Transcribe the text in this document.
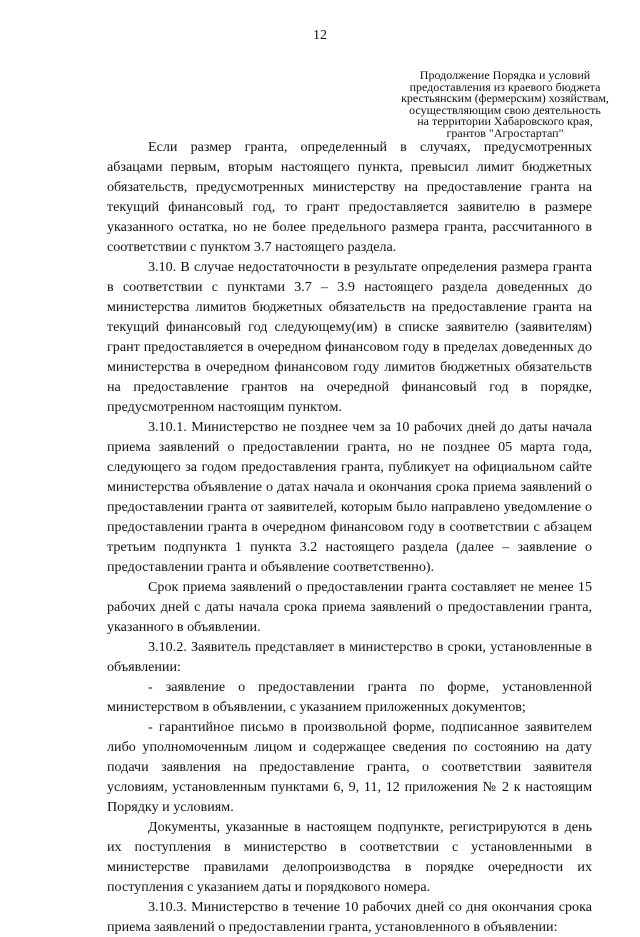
12
Продолжение Порядка и условий
предоставления из краевого бюджета
крестьянским (фермерским) хозяйствам,
осуществляющим свою деятельность
на территории Хабаровского края,
грантов "Агростартап"

Если размер гранта, определенный в случаях, предусмотренных абзацами первым, вторым настоящего пункта, превысил лимит бюджетных обязательств, предусмотренных министерству на предоставление гранта на текущий финансовый год, то грант предоставляется заявителю в размере указанного остатка, но не более предельного размера гранта, рассчитанного в соответствии с пунктом 3.7 настоящего раздела.

3.10. В случае недостаточности в результате определения размера гранта в соответствии с пунктами 3.7 – 3.9 настоящего раздела доведенных до министерства лимитов бюджетных обязательств на предоставление гранта на текущий финансовый год следующему(им) в списке заявителю (заявителям) грант предоставляется в очередном финансовом году в пределах доведенных до министерства в очередном финансовом году лимитов бюджетных обязательств на предоставление грантов на очередной финансовый год в порядке, предусмотренном настоящим пунктом.

3.10.1. Министерство не позднее чем за 10 рабочих дней до даты начала приема заявлений о предоставлении гранта, но не позднее 05 марта года, следующего за годом предоставления гранта, публикует на официальном сайте министерства объявление о датах начала и окончания срока приема заявлений о предоставлении гранта от заявителей, которым было направлено уведомление о предоставлении гранта в очередном финансовом году в соответствии с абзацем третьим подпункта 1 пункта 3.2 настоящего раздела (далее – заявление о предоставлении гранта и объявление соответственно).

Срок приема заявлений о предоставлении гранта составляет не менее 15 рабочих дней с даты начала срока приема заявлений о предоставлении гранта, указанного в объявлении.

3.10.2. Заявитель представляет в министерство в сроки, установленные в объявлении:

- заявление о предоставлении гранта по форме, установленной министерством в объявлении, с указанием приложенных документов;

- гарантийное письмо в произвольной форме, подписанное заявителем либо уполномоченным лицом и содержащее сведения по состоянию на дату подачи заявления на предоставление гранта, о соответствии заявителя условиям, установленным пунктами 6, 9, 11, 12 приложения № 2 к настоящим Порядку и условиям.

Документы, указанные в настоящем подпункте, регистрируются в день их поступления в министерство в соответствии с установленными в министерстве правилами делопроизводства в порядке очередности их поступления с указанием даты и порядкового номера.

3.10.3. Министерство в течение 10 рабочих дней со дня окончания срока приема заявлений о предоставлении гранта, установленного в объявлении:
